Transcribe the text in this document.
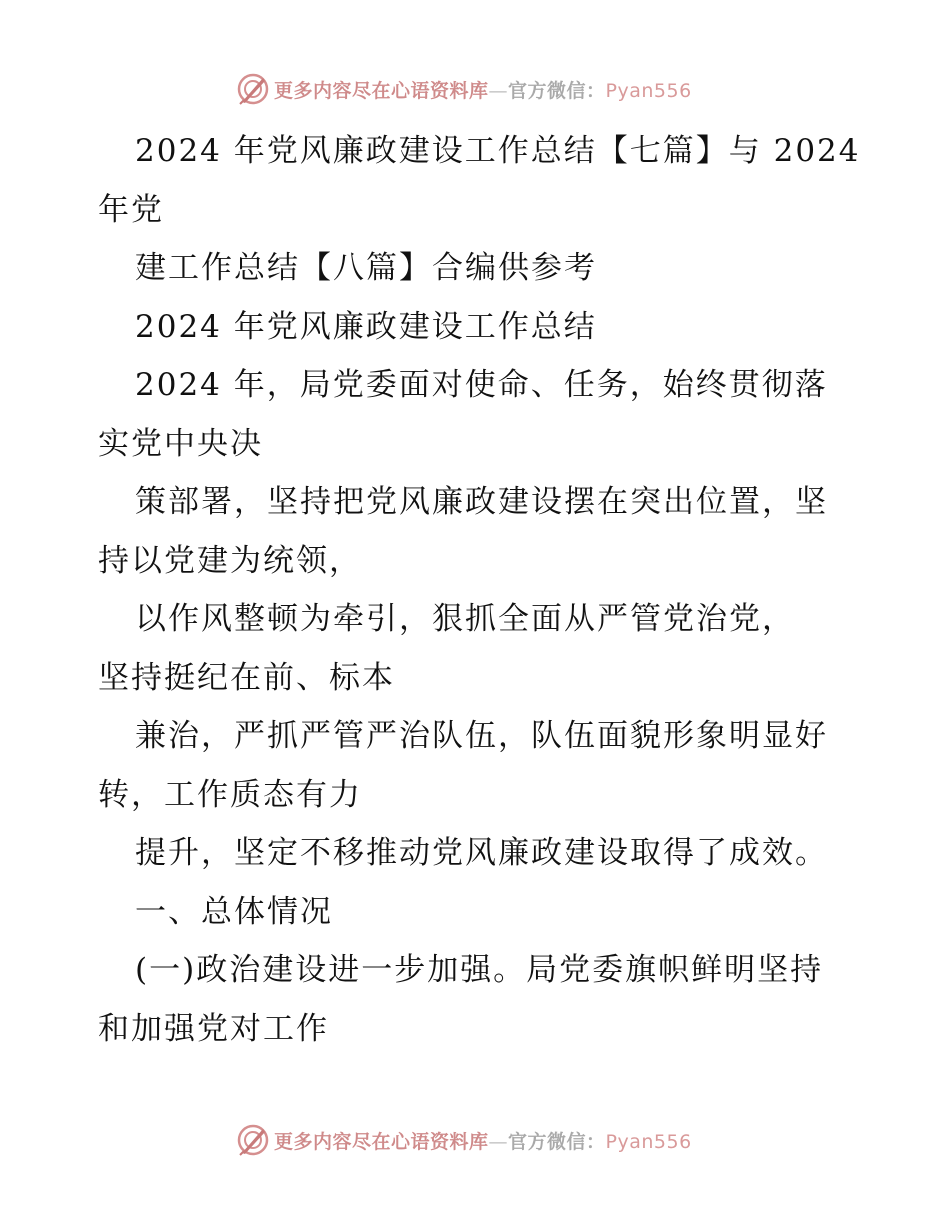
更多内容尽在心语资料库—官方微信：Pyan556
2024 年党风廉政建设工作总结【七篇】与 2024
年党
建工作总结【八篇】合编供参考
2024 年党风廉政建设工作总结
2024 年，局党委面对使命、任务，始终贯彻落
实党中央决
策部署，坚持把党风廉政建设摆在突出位置，坚
持以党建为统领，
以作风整顿为牵引，狠抓全面从严管党治党，
坚持挺纪在前、标本
兼治，严抓严管严治队伍，队伍面貌形象明显好
转，工作质态有力
提升，坚定不移推动党风廉政建设取得了成效。
一、总体情况
(一)政治建设进一步加强。局党委旗帜鲜明坚持
和加强党对工作
更多内容尽在心语资料库—官方微信：Pyan556
